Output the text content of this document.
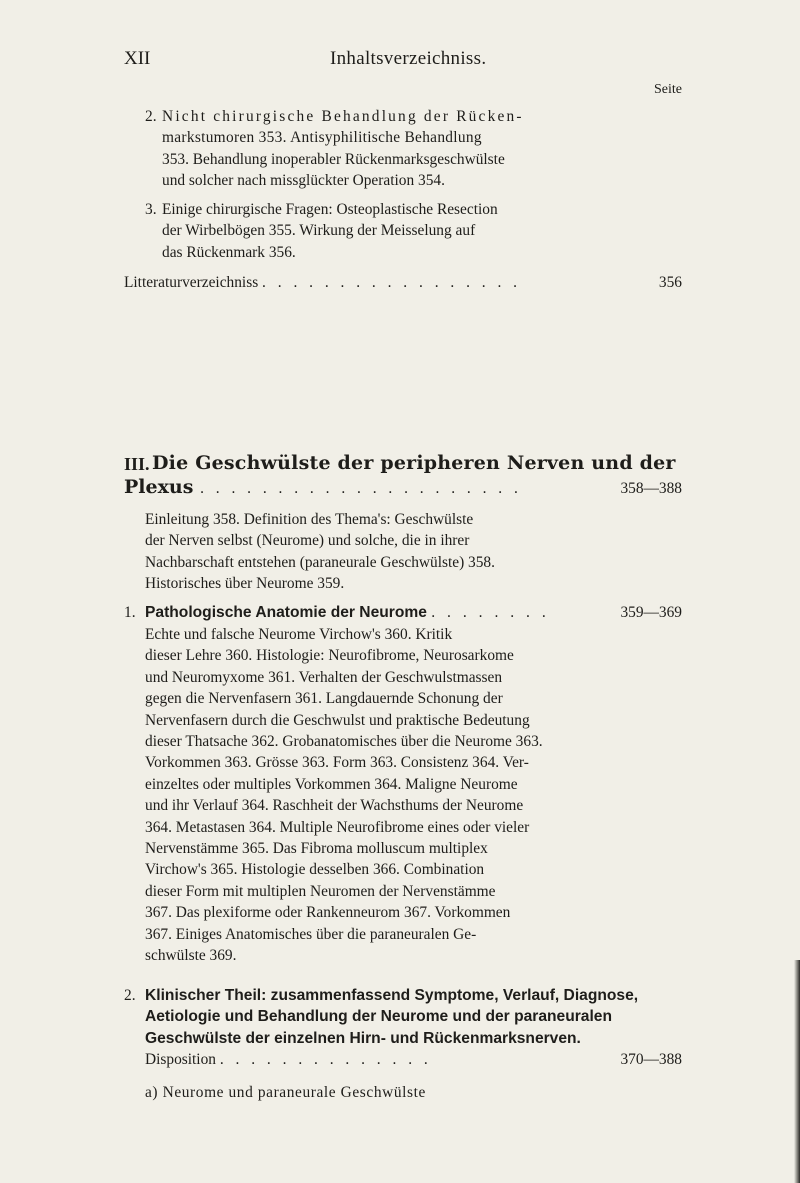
XII	Inhaltsverzeichniss.
Seite
2. Nicht chirurgische Behandlung der Rücken-
markstumoren 353. Antisyphilitische Behandlung
353. Behandlung inoperabler Rückenmarksgeschwülste
und solcher nach missglückter Operation 354.
3. Einige chirurgische Fragen: Osteoplastische Resection
der Wirbelbögen 355. Wirkung der Meisselung auf
das Rückenmark 356.
Litteraturverzeichniss . . . . . . . . . . . . . . . . .	356
III. Die Geschwülste der peripheren Nerven und der
Plexus . . . . . . . . . . . . . . . . . . . . .	358—388
Einleitung 358. Definition des Thema's: Geschwülste
der Nerven selbst (Neurome) und solche, die in ihrer
Nachbarschaft entstehen (paraneurale Geschwülste) 358.
Historisches über Neurome 359.
1. Pathologische Anatomie der Neurome . . . . . . . .	359—369
Echte und falsche Neurome Virchow's 360. Kritik
dieser Lehre 360. Histologie: Neurofibrome, Neurosarkome
und Neuromyxome 361. Verhalten der Geschwulstmassen
gegen die Nervenfasern 361. Langdauernde Schonung der
Nervenfasern durch die Geschwulst und praktische Bedeutung
dieser Thatsache 362. Grobanatomisches über die Neurome 363.
Vorkommen 363. Grösse 363. Form 363. Consistenz 364. Ver-
einzeltes oder multiples Vorkommen 364. Maligne Neurome
und ihr Verlauf 364. Raschheit der Wachsthums der Neurome
364. Metastasen 364. Multiple Neurofibrome eines oder vieler
Nervenstämme 365. Das Fibroma molluscum multiplex
Virchow's 365. Histologie desselben 366. Combination
dieser Form mit multiplen Neuromen der Nervenstämme
367. Das plexiforme oder Rankenneurom 367. Vorkommen
367. Einiges Anatomisches über die paraneuralen Ge-
schwülste 369.
2. Klinischer Theil: zusammenfassend Symptome, Verlauf, Diagnose,
Aetiologie und Behandlung der Neurome und der paraneuralen
Geschwülste der einzelnen Hirn- und Rückenmarksnerven.
Disposition . . . . . . . . . . . . . .	370—388
a) Neurome und paraneurale Geschwülste
